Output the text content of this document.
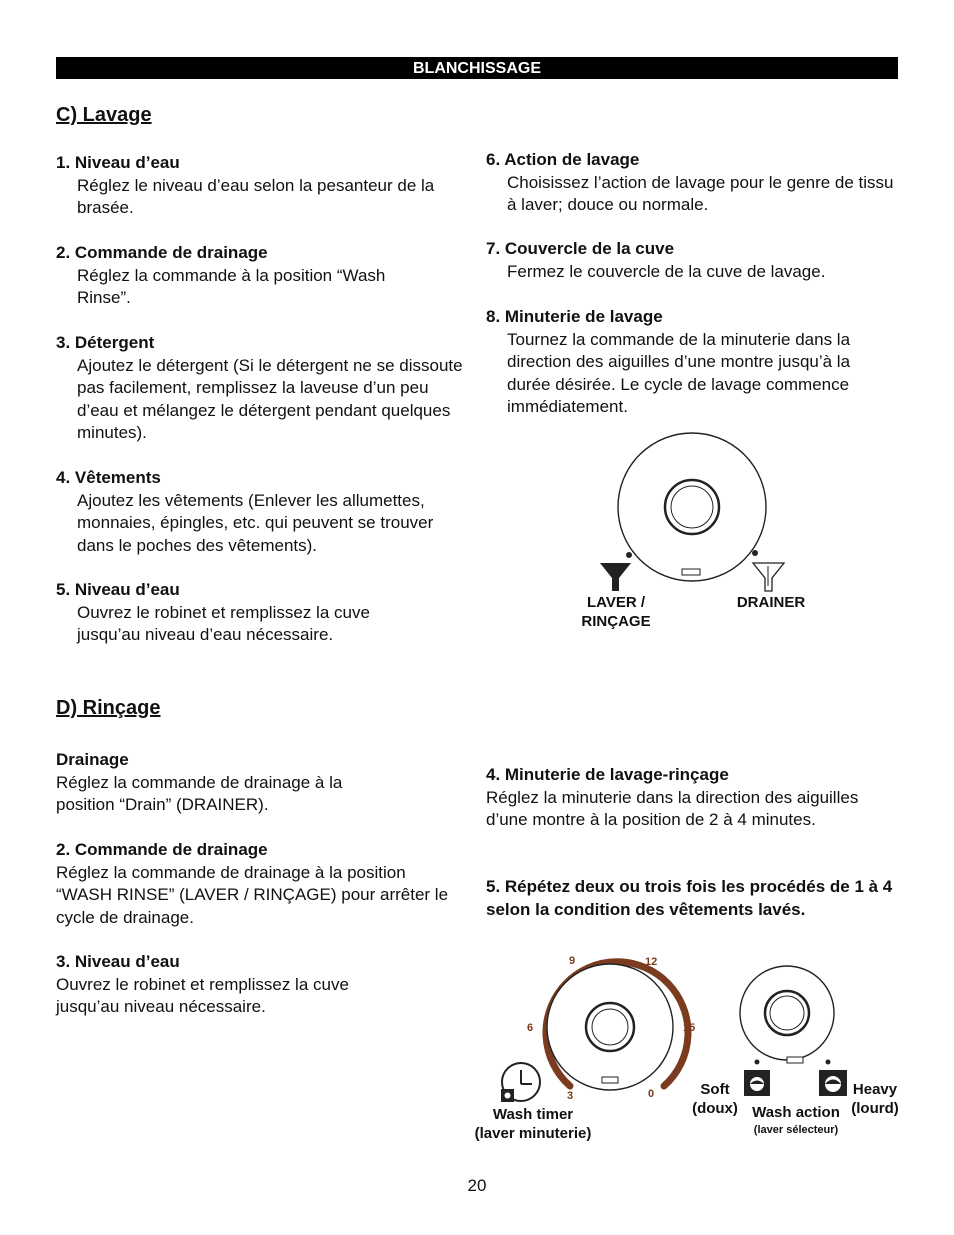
BLANCHISSAGE
C) Lavage
1. Niveau d’eau
Réglez le niveau d’eau selon la pesanteur de la brasée.
2. Commande de drainage
Réglez la commande à la position “Wash Rinse”.
3. Détergent
Ajoutez le détergent (Si le détergent ne se dissoute pas facilement, remplissez la laveuse d’un peu d’eau et mélangez le détergent pendant quelques minutes).
4. Vêtements
Ajoutez les vêtements (Enlever les allumettes, monnaies, épingles, etc. qui peuvent se trouver dans le poches des vêtements).
5. Niveau d’eau
Ouvrez le robinet et remplissez la cuve jusqu’au niveau d’eau nécessaire.
6. Action de lavage
Choisissez l’action de lavage pour le genre de tissu à laver; douce ou normale.
7. Couvercle de la cuve
Fermez le couvercle de la cuve de lavage.
8. Minuterie de lavage
Tournez la commande de la minuterie dans la direction des aiguilles d’une montre jusqu’à la durée désirée. Le cycle de lavage commence immédiatement.
LAVER / RINÇAGE
DRAINER
D) Rinçage
Drainage
Réglez la commande de drainage à la position “Drain” (DRAINER).
2. Commande de drainage
Réglez la commande de drainage à la position “WASH RINSE” (LAVER / RINÇAGE) pour arrêter le cycle de drainage.
3. Niveau d’eau
Ouvrez le robinet et remplissez la cuve jusqu’au niveau nécessaire.
4. Minuterie de lavage-rinçage
Réglez la minuterie dans la direction des aiguilles d’une montre à la position de 2 à 4 minutes.
5. Répétez deux ou trois fois les procédés de 1 à 4 selon la condition des vêtements lavés.
9	12
6	15
3	0
Wash timer
(laver minuterie)
Soft
(doux) Wash action
(laver sélecteur)
Heavy
(lourd)
20
